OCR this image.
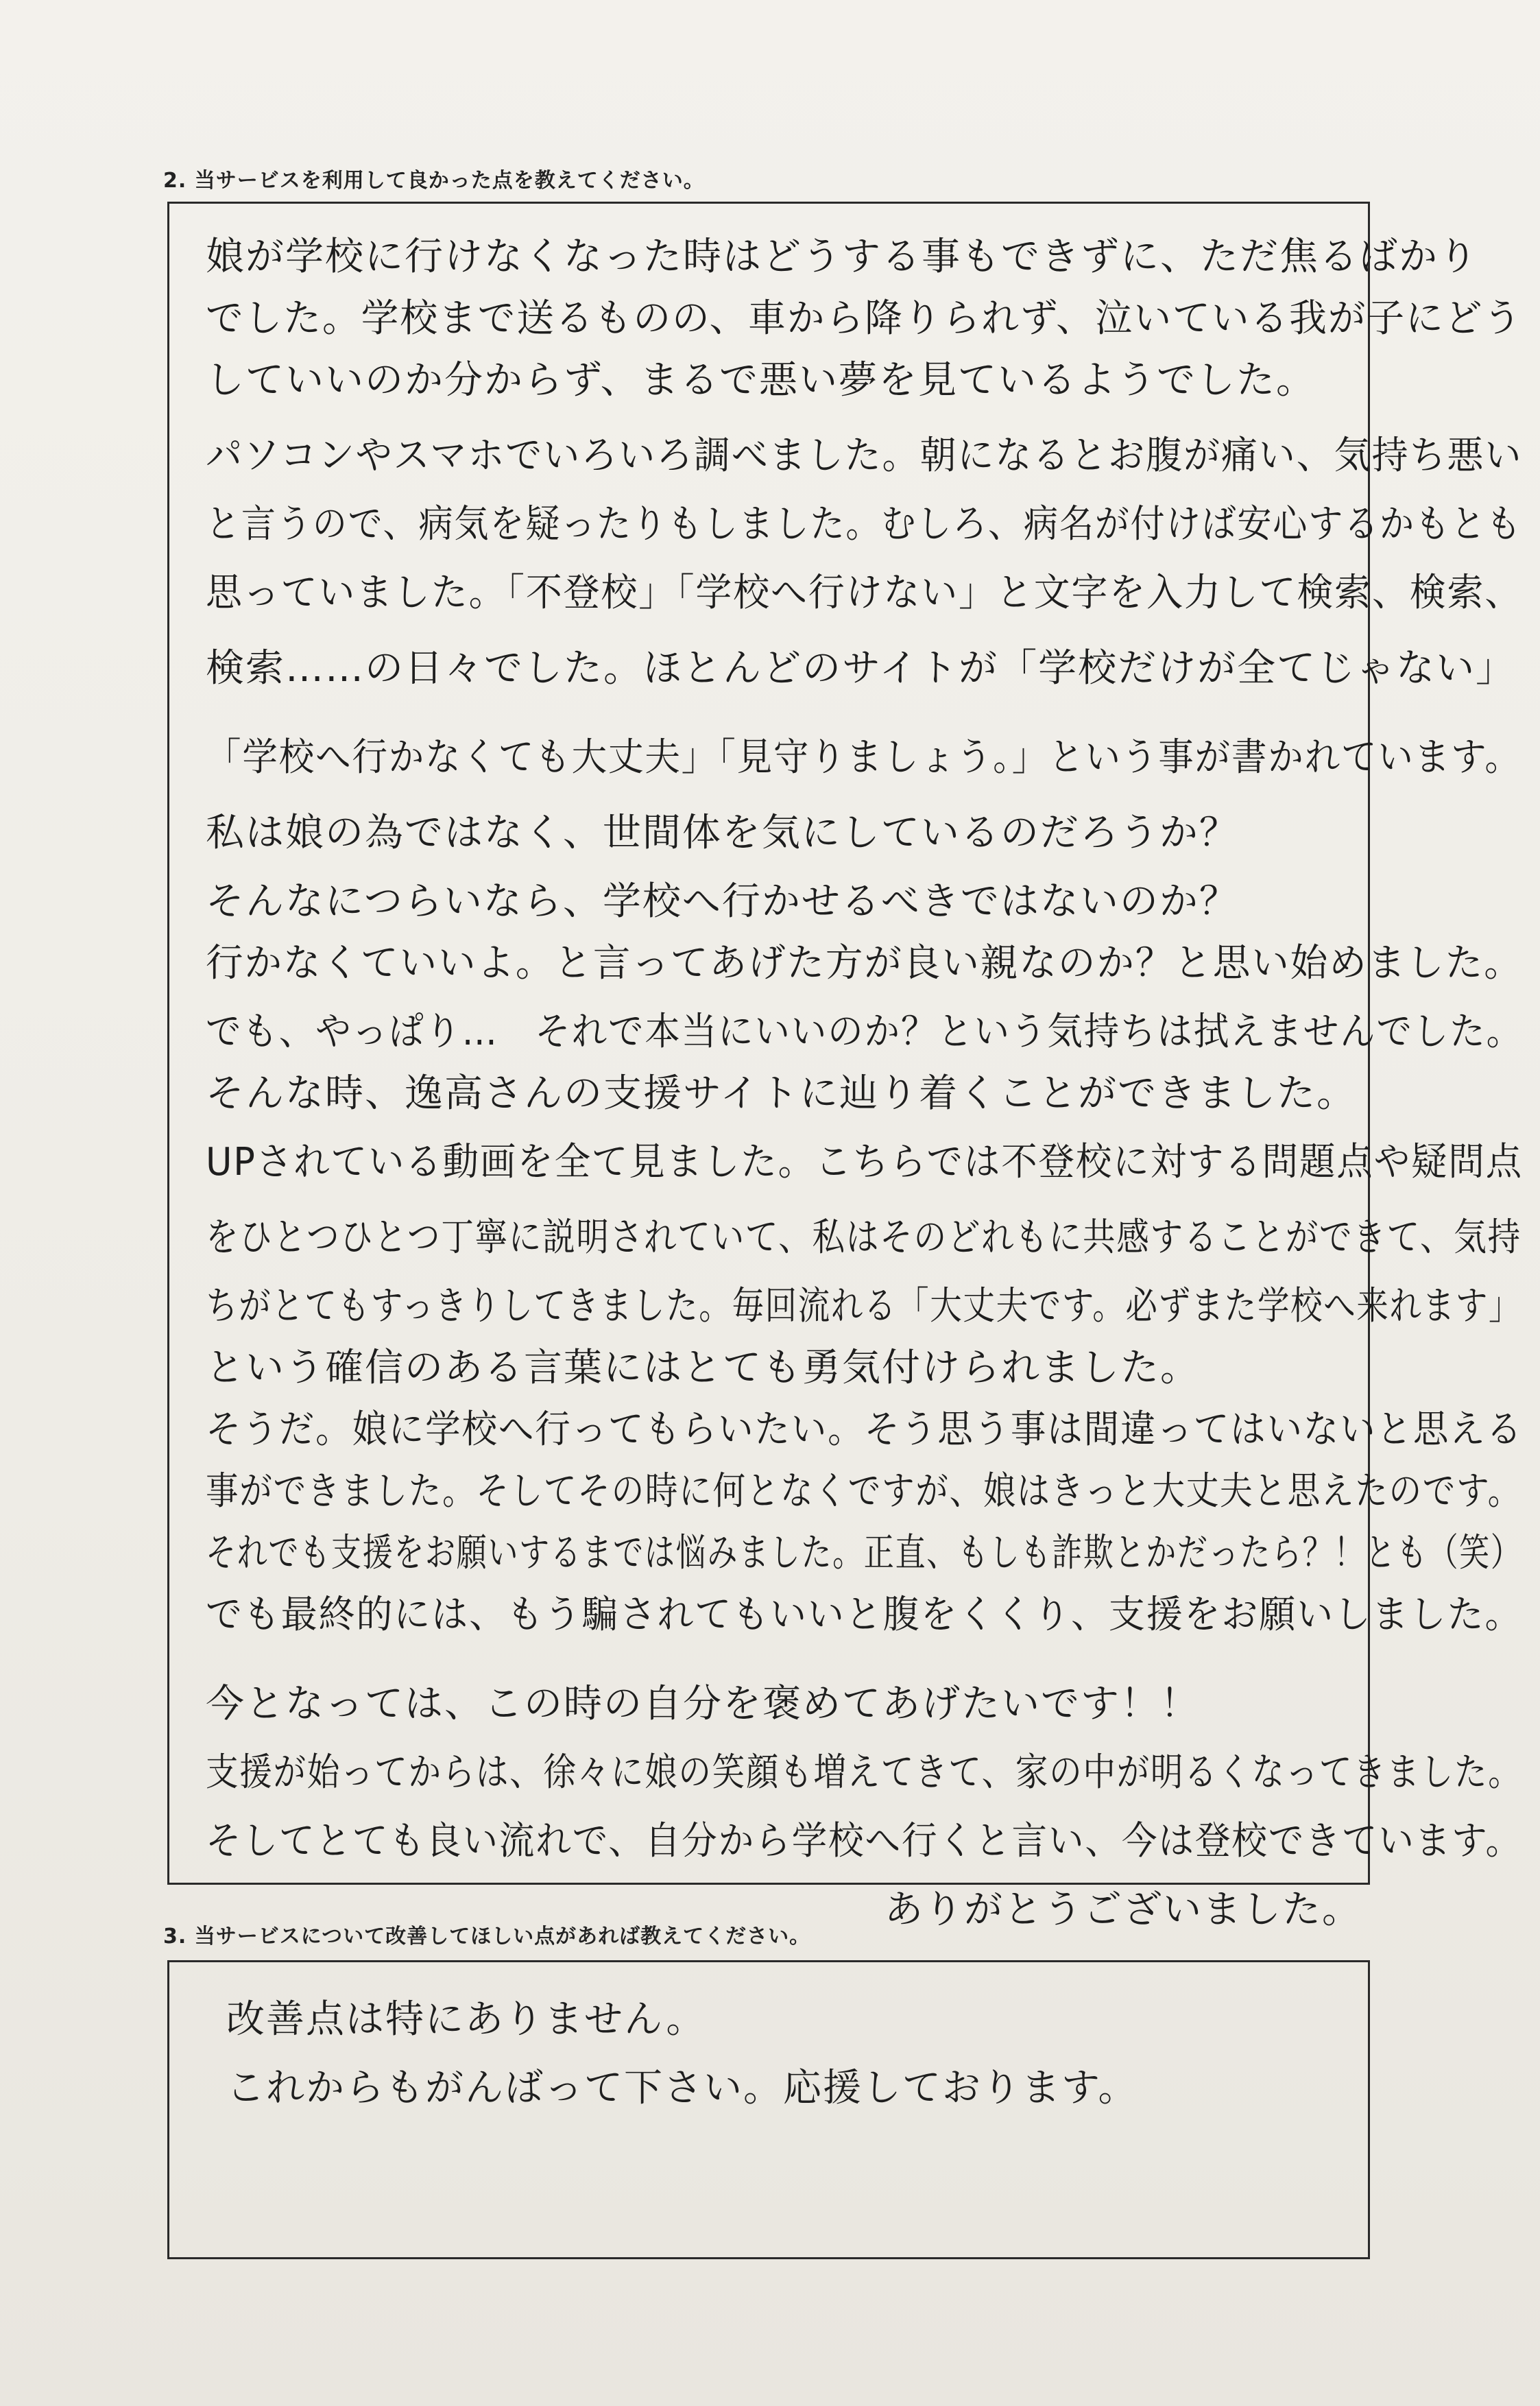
2. 当サービスを利用して良かった点を教えてください。
娘が学校に行けなくなった時はどうする事もできずに、ただ焦るばかり
でした。学校まで送るものの、車から降りられず、泣いている我が子にどう
していいのか分からず、まるで悪い夢を見ているようでした。
パソコンやスマホでいろいろ調べました。朝になるとお腹が痛い、気持ち悪い
と言うので、病気を疑ったりもしました。むしろ、病名が付けば安心するかもとも
思っていました。「不登校」「学校へ行けない」と文字を入力して検索、検索、
検索……の日々でした。ほとんどのサイトが「学校だけが全てじゃない」
「学校へ行かなくても大丈夫」「見守りましょう。」という事が書かれています。
私は娘の為ではなく、世間体を気にしているのだろうか？
そんなにつらいなら、学校へ行かせるべきではないのか？
行かなくていいよ。と言ってあげた方が良い親なのか？と思い始めました。
でも、やっぱり…　それで本当にいいのか？という気持ちは拭えませんでした。
そんな時、逸高さんの支援サイトに辿り着くことができました。
UPされている動画を全て見ました。こちらでは不登校に対する問題点や疑問点
をひとつひとつ丁寧に説明されていて、私はそのどれもに共感することができて、気持
ちがとてもすっきりしてきました。毎回流れる「大丈夫です。必ずまた学校へ来れます」
という確信のある言葉にはとても勇気付けられました。
そうだ。娘に学校へ行ってもらいたい。そう思う事は間違ってはいないと思える
事ができました。そしてその時に何となくですが、娘はきっと大丈夫と思えたのです。
それでも支援をお願いするまでは悩みました。正直、もしも詐欺とかだったら？！とも（笑）
でも最終的には、もう騙されてもいいと腹をくくり、支援をお願いしました。
今となっては、この時の自分を褒めてあげたいです！！
支援が始ってからは、徐々に娘の笑顔も増えてきて、家の中が明るくなってきました。
そしてとても良い流れで、自分から学校へ行くと言い、今は登校できています。
ありがとうございました。
3. 当サービスについて改善してほしい点があれば教えてください。
改善点は特にありません。
これからもがんばって下さい。応援しております。
